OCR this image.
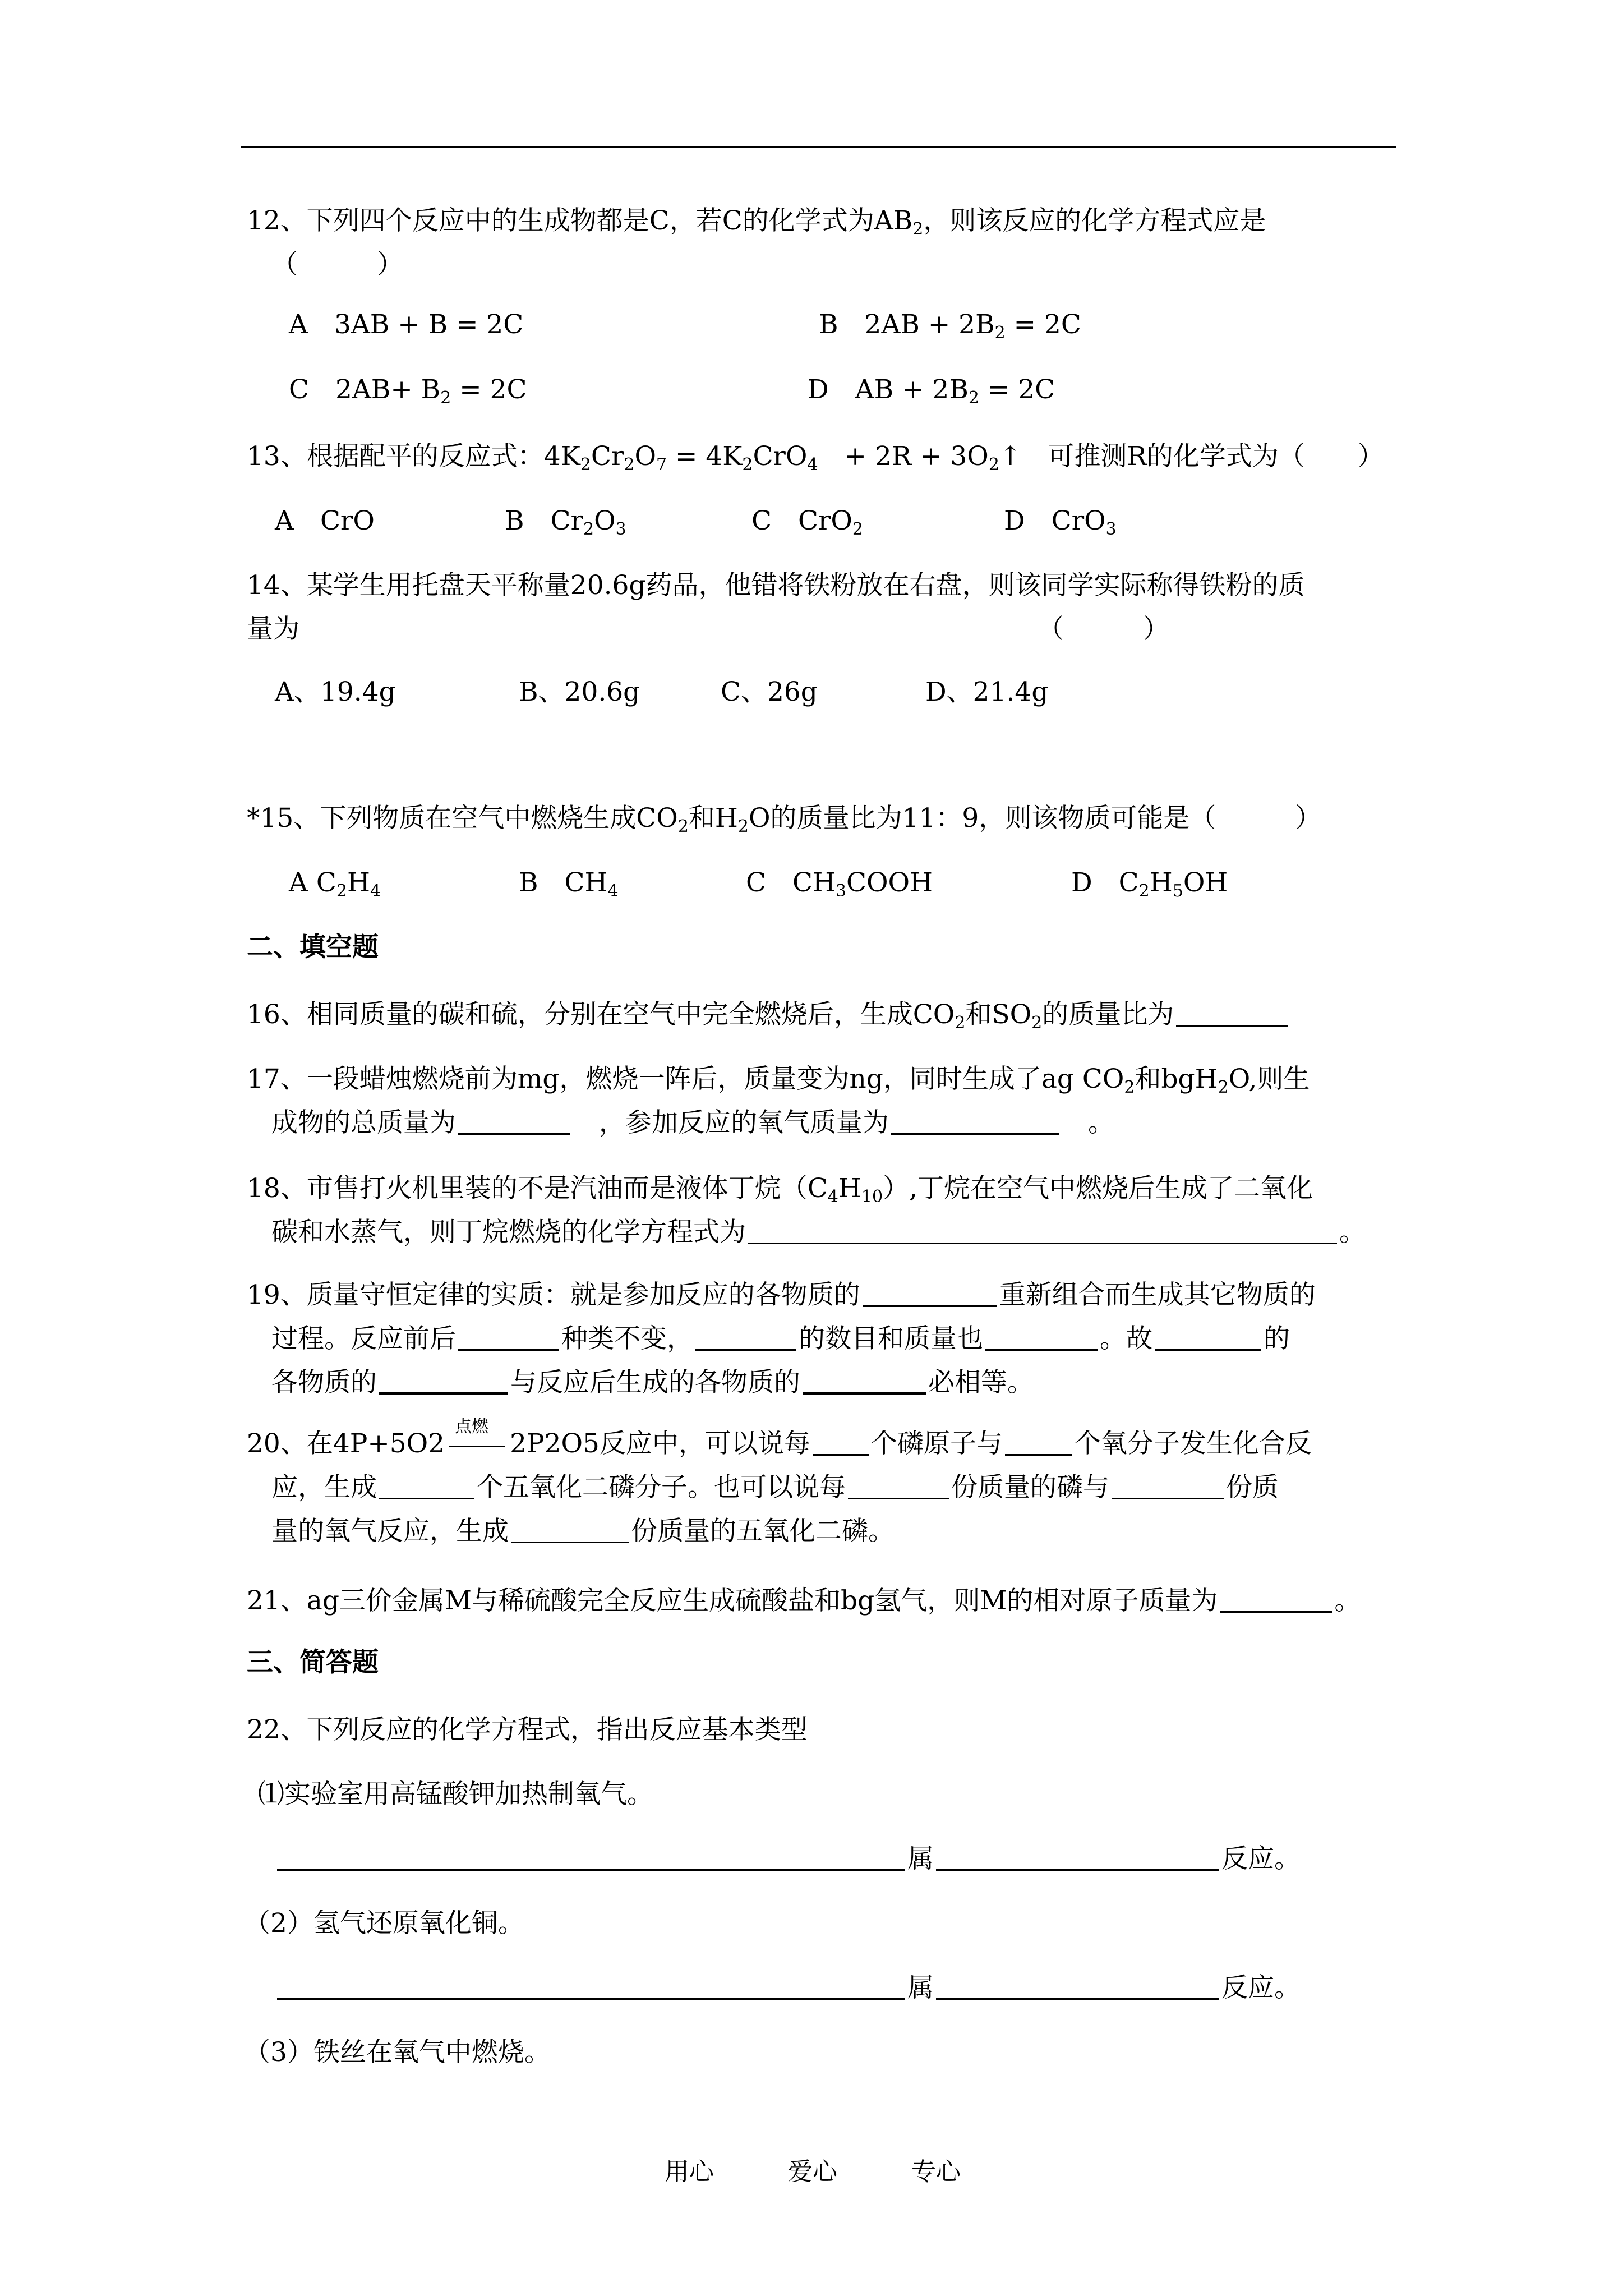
12、下列四个反应中的生成物都是C，若C的化学式为$AB_2$，则该反应的化学方程式应是
（　　　）
A　3AB + B = 2C	B　$2AB + 2B_2 = 2C$
C　$2AB+ B_2 = 2C$	D　AB + $2B_2 = 2C$
13、根据配平的反应式：$4K_2Cr_2O_7 = 4K_2CrO_4$　+ $2R + 3O_2↑$　可推测R的化学式为（　　）
A　CrO	B　$Cr_2O_3$	C　CrO$_2$	D　CrO$_3$
14、某学生用托盘天平称量20.6g药品，他错将铁粉放在右盘，则该同学实际称得铁粉的质
量为	（　　　）
A、19.4g	B、20.6g	C、26g	D、21.4g
*15、下列物质在空气中燃烧生成$CO_2$和$H_2O$的质量比为11：9，则该物质可能是（　　　）
A $C_2H_4$	B　$CH_4$	C　$CH_3COOH$	D　$C_2H_5OH$
二、填空题
16、相同质量的碳和硫，分别在空气中完全燃烧后，生成$CO_2$和$SO_2$的质量比为
17、一段蜡烛燃烧前为mg，燃烧一阵后，质量变为ng，同时生成了ag $CO_2$和bgH$_2$O,则生
成物的总质量为　	，参加反应的氧气质量为　	。
18、市售打火机里装的不是汽油而是液体丁烷$(C_4H_{10})$,丁烷在空气中燃烧后生成了二氧化
碳和水蒸气，则丁烷燃烧的化学方程式为	。
19、质量守恒定律的实质：就是参加反应的各物质的	重新组合而生成其它物质的
过程。反应前后	种类不变，	的数目和质量也	。故	的
各物质的	与反应后生成的各物质的	必相等。
20、在4P+5O2
点燃
2P2O5反应中，可以说每 个磷原子与	个氧分子发生化合反
应，生成	个五氧化二磷分子。也可以说每	份质量的磷与	份质
量的氧气反应，生成	份质量的五氧化二磷。
21、ag三价金属M与稀硫酸完全反应生成硫酸盐和bg氢气，则M的相对原子质量为	。
三、简答题
22、下列反应的化学方程式，指出反应基本类型
⑴实验室用高锰酸钾加热制氧气。
属	反应。
（2）氢气还原氧化铜。
属	反应。
（3）铁丝在氧气中燃烧。
用心	爱心	专心
